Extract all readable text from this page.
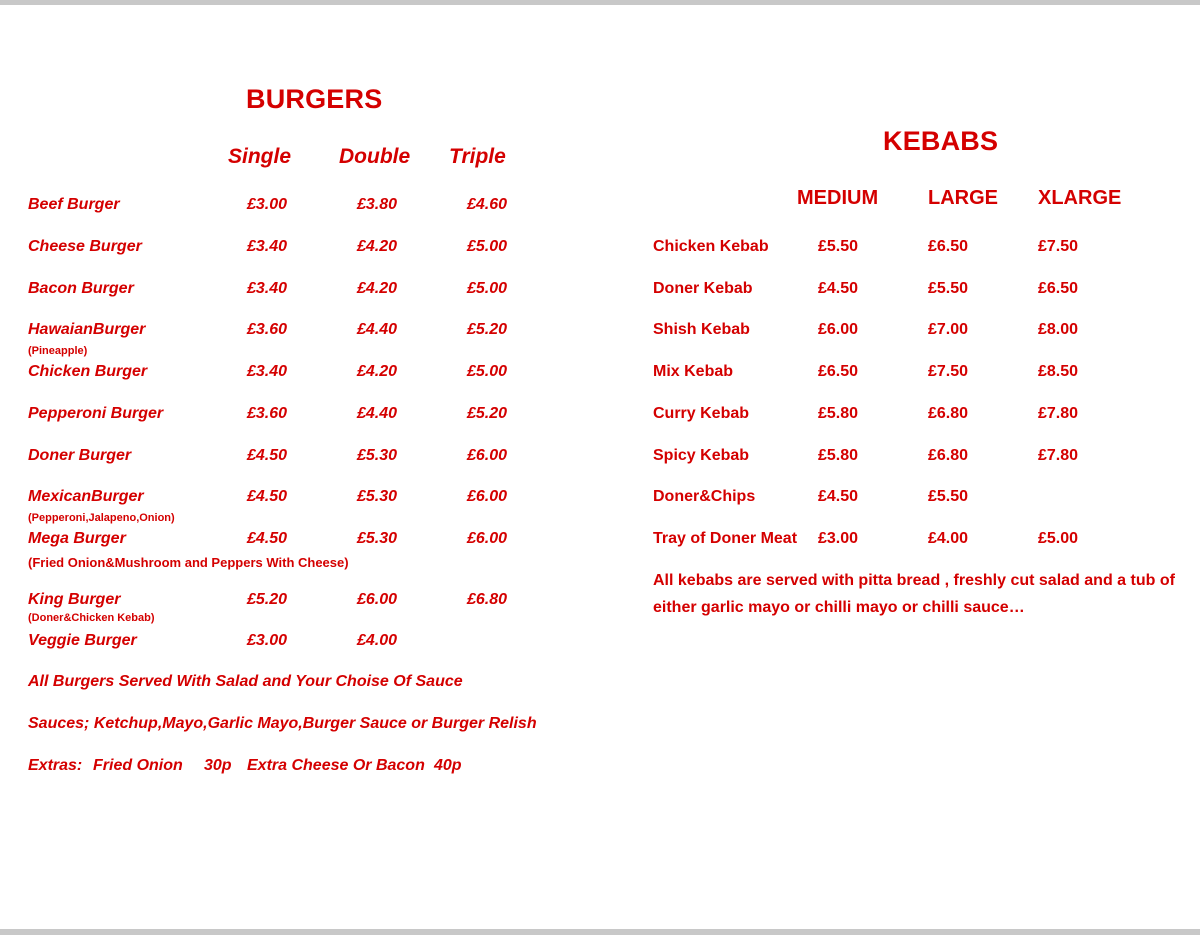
BURGERS
Single Double Triple
Beef Burger	£3.00	£3.80	£4.60
Cheese Burger	£3.40	£4.20	£5.00
Bacon Burger	£3.40	£4.20	£5.00
HawaianBurger	£3.60	£4.40	£5.20
Chicken Burger	£3.40	£4.20	£5.00
Pepperoni Burger	£3.60	£4.40	£5.20
Doner Burger	£4.50	£5.30	£6.00
MexicanBurger	£4.50	£5.30	£6.00
Mega Burger	£4.50	£5.30	£6.00
King Burger	£5.20	£6.00	£6.80
Veggie Burger	£3.00	£4.00
(Pineapple)
(Pepperoni,Jalapeno,Onion)
(Fried Onion&Mushroom and Peppers With Cheese)
(Doner&Chicken Kebab)
All Burgers Served With Salad and Your Choise Of Sauce
Sauces; Ketchup,Mayo,Garlic Mayo,Burger Sauce or Burger Relish
Extras: Fried Onion 30p Extra Cheese Or Bacon 40p
KEBABS
MEDIUM LARGE XLARGE
Chicken Kebab	£5.50	£6.50	£7.50
Doner Kebab	£4.50	£5.50	£6.50
Shish Kebab	£6.00	£7.00	£8.00
Mix Kebab	£6.50	£7.50	£8.50
Curry Kebab	£5.80	£6.80	£7.80
Spicy Kebab	£5.80	£6.80	£7.80
Doner&Chips	£4.50	£5.50
Tray of Doner Meat £3.00	£4.00	£5.00
All kebabs are served with pitta bread , freshly cut salad and a tub of either garlic mayo or chilli mayo or chilli sauce…
